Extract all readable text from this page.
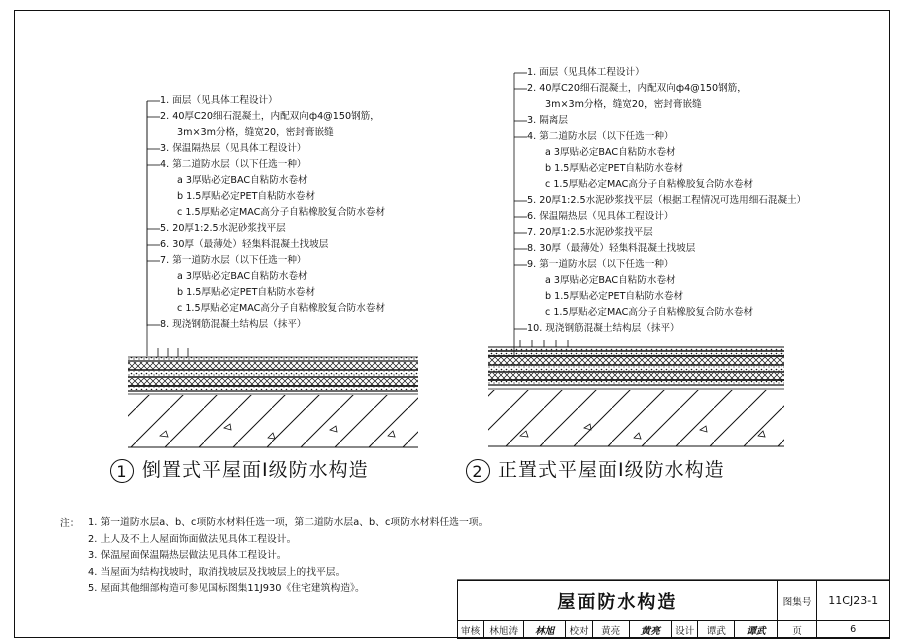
1. 面层（见具体工程设计）
2. 40厚C20细石混凝土，内配双向ф4@150钢筋，
3m×3m分格，缝宽20，密封膏嵌缝
3. 保温隔热层（见具体工程设计）
4. 第二道防水层（以下任选一种）
a 3厚贴必定BAC自粘防水卷材
b 1.5厚贴必定PET自粘防水卷材
c 1.5厚贴必定MAC高分子自粘橡胶复合防水卷材
5. 20厚1:2.5水泥砂浆找平层
6. 30厚（最薄处）轻集料混凝土找坡层
7. 第一道防水层（以下任选一种）
a 3厚贴必定BAC自粘防水卷材
b 1.5厚贴必定PET自粘防水卷材
c 1.5厚贴必定MAC高分子自粘橡胶复合防水卷材
8. 现浇钢筋混凝土结构层（抹平）
1. 面层（见具体工程设计）
2. 40厚C20细石混凝土，内配双向ф4@150钢筋，
3m×3m分格，缝宽20，密封膏嵌缝
3. 隔离层
4. 第二道防水层（以下任选一种）
a 3厚贴必定BAC自粘防水卷材
b 1.5厚贴必定PET自粘防水卷材
c 1.5厚贴必定MAC高分子自粘橡胶复合防水卷材
5. 20厚1:2.5水泥砂浆找平层（根据工程情况可选用细石混凝土）
6. 保温隔热层（见具体工程设计）
7. 20厚1:2.5水泥砂浆找平层
8. 30厚（最薄处）轻集料混凝土找坡层
9. 第一道防水层（以下任选一种）
a 3厚贴必定BAC自粘防水卷材
b 1.5厚贴必定PET自粘防水卷材
c 1.5厚贴必定MAC高分子自粘橡胶复合防水卷材
10. 现浇钢筋混凝土结构层（抹平）
1 倒置式平屋面I级防水构造	2 正置式平屋面I级防水构造
注： 1. 第一道防水层a、b、c项防水材料任选一项，第二道防水层a、b、c项防水材料任选一项。
2. 上人及不上人屋面饰面做法见具体工程设计。
3. 保温屋面保温隔热层做法见具体工程设计。
4. 当屋面为结构找坡时，取消找坡层及找坡层上的找平层。
5. 屋面其他细部构造可参见国标图集11J930《住宅建筑构造》。
屋面防水构造									图集号	11CJ23-1
审核	林旭涛	林旭	校对	黄亮	黄亮	设计	谭武	谭武	页	6
